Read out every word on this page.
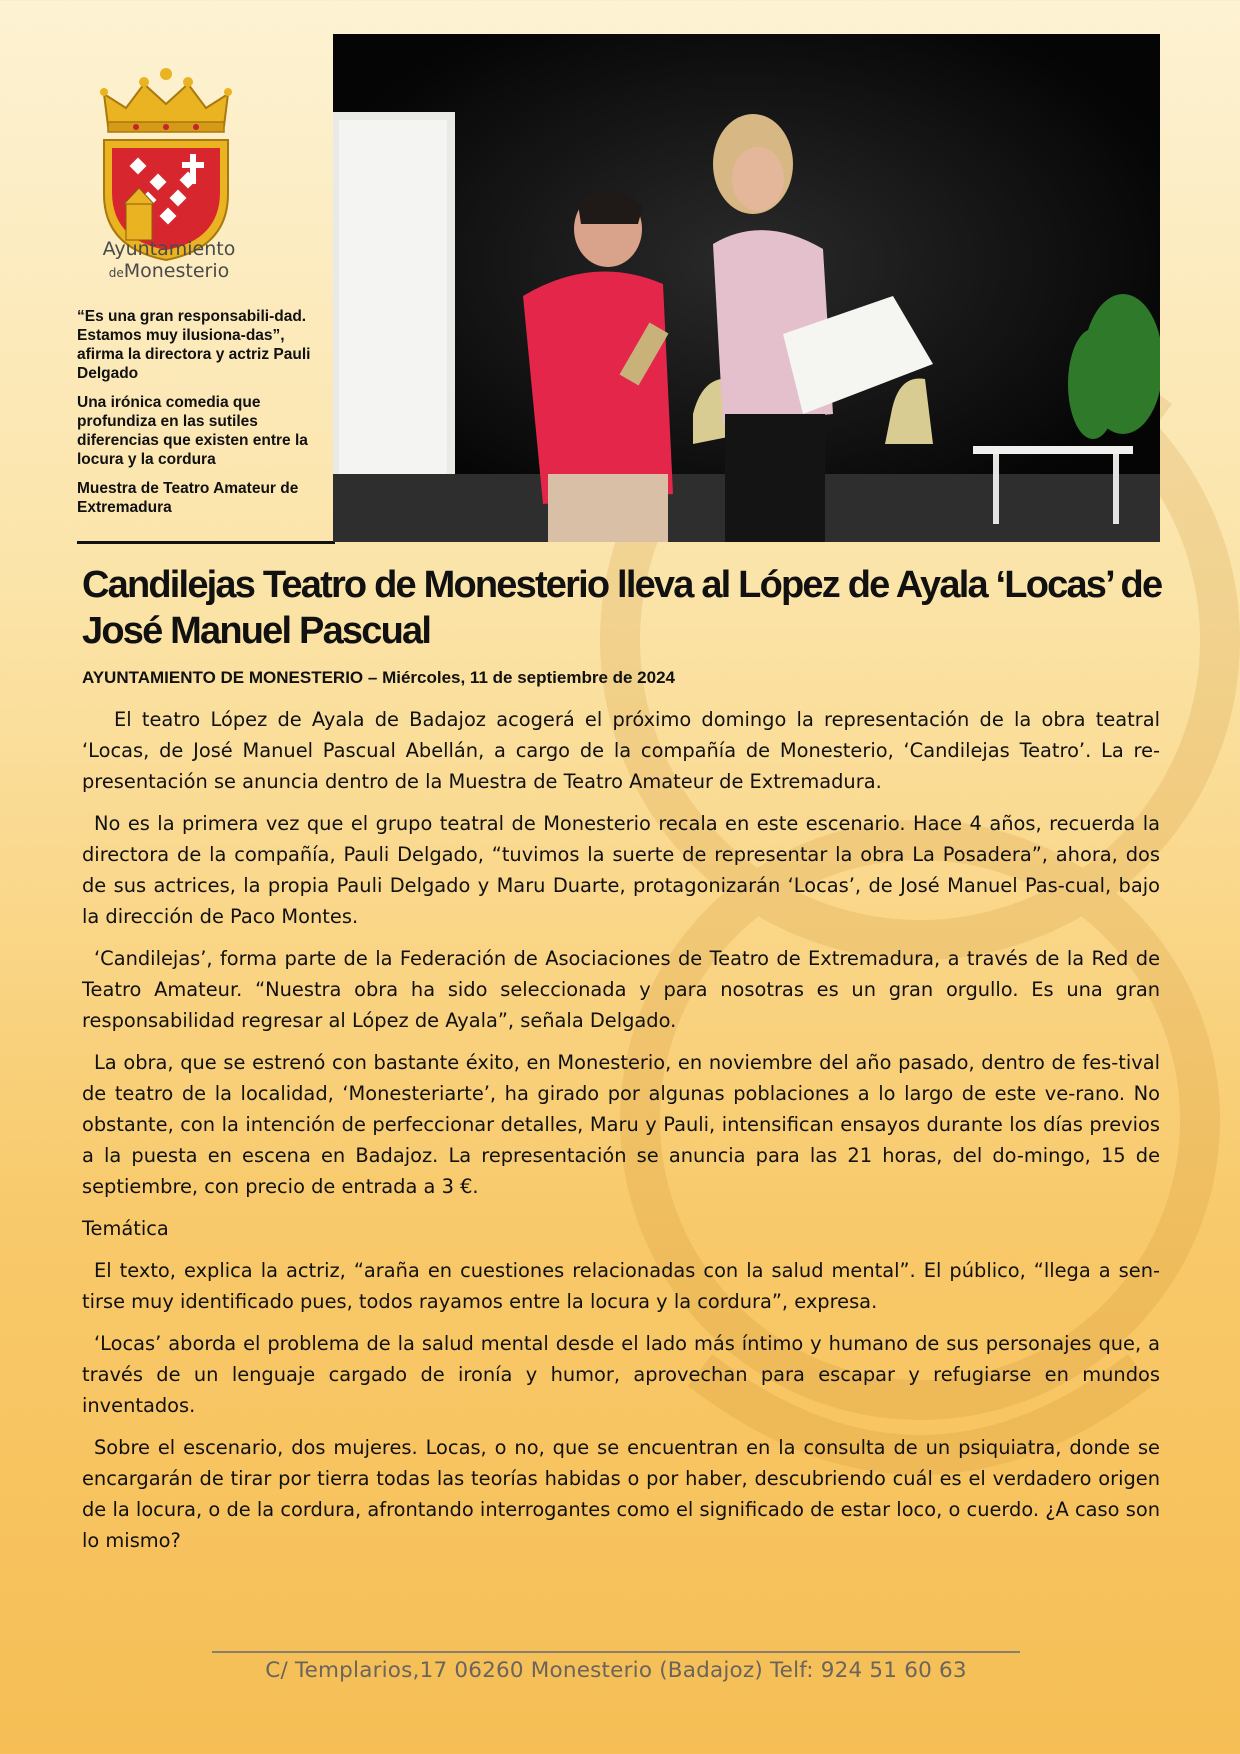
Ayuntamiento
deMonesterio

“Es una gran responsabili-dad. Estamos muy ilusiona-das”, afirma la directora y actriz Pauli Delgado

Una irónica comedia que profundiza en las sutiles diferencias que existen entre la locura y la cordura

Muestra de Teatro Amateur de Extremadura

Candilejas Teatro de Monesterio lleva al López de Ayala ‘Locas’ de José Manuel Pascual

AYUNTAMIENTO DE MONESTERIO – Miércoles, 11 de septiembre de 2024

El teatro López de Ayala de Badajoz acogerá el próximo domingo la representación de la obra teatral ‘Locas, de José Manuel Pascual Abellán, a cargo de la compañía de Monesterio, ‘Candilejas Teatro’. La re-presentación se anuncia dentro de la Muestra de Teatro Amateur de Extremadura.

No es la primera vez que el grupo teatral de Monesterio recala en este escenario. Hace 4 años, recuerda la directora de la compañía, Pauli Delgado, “tuvimos la suerte de representar la obra La Posadera”, ahora, dos de sus actrices, la propia Pauli Delgado y Maru Duarte, protagonizarán ‘Locas’, de José Manuel Pas-cual, bajo la dirección de Paco Montes.

‘Candilejas’, forma parte de la Federación de Asociaciones de Teatro de Extremadura, a través de la Red de Teatro Amateur. “Nuestra obra ha sido seleccionada y para nosotras es un gran orgullo. Es una gran responsabilidad regresar al López de Ayala”, señala Delgado.

La obra, que se estrenó con bastante éxito, en Monesterio, en noviembre del año pasado, dentro de fes-tival de teatro de la localidad, ‘Monesteriarte’, ha girado por algunas poblaciones a lo largo de este ve-rano. No obstante, con la intención de perfeccionar detalles, Maru y Pauli, intensifican ensayos durante los días previos a la puesta en escena en Badajoz. La representación se anuncia para las 21 horas, del do-mingo, 15 de septiembre, con precio de entrada a 3 €.

Temática

El texto, explica la actriz, “araña en cuestiones relacionadas con la salud mental”. El público, “llega a sen-tirse muy identificado pues, todos rayamos entre la locura y la cordura”, expresa.

‘Locas’ aborda el problema de la salud mental desde el lado más íntimo y humano de sus personajes que, a través de un lenguaje cargado de ironía y humor, aprovechan para escapar y refugiarse en mundos inventados.

Sobre el escenario, dos mujeres. Locas, o no, que se encuentran en la consulta de un psiquiatra, donde se encargarán de tirar por tierra todas las teorías habidas o por haber, descubriendo cuál es el verdadero origen de la locura, o de la cordura, afrontando interrogantes como el significado de estar loco, o cuerdo. ¿A caso son lo mismo?

C/ Templarios,17 06260 Monesterio (Badajoz) Telf: 924 51 60 63
